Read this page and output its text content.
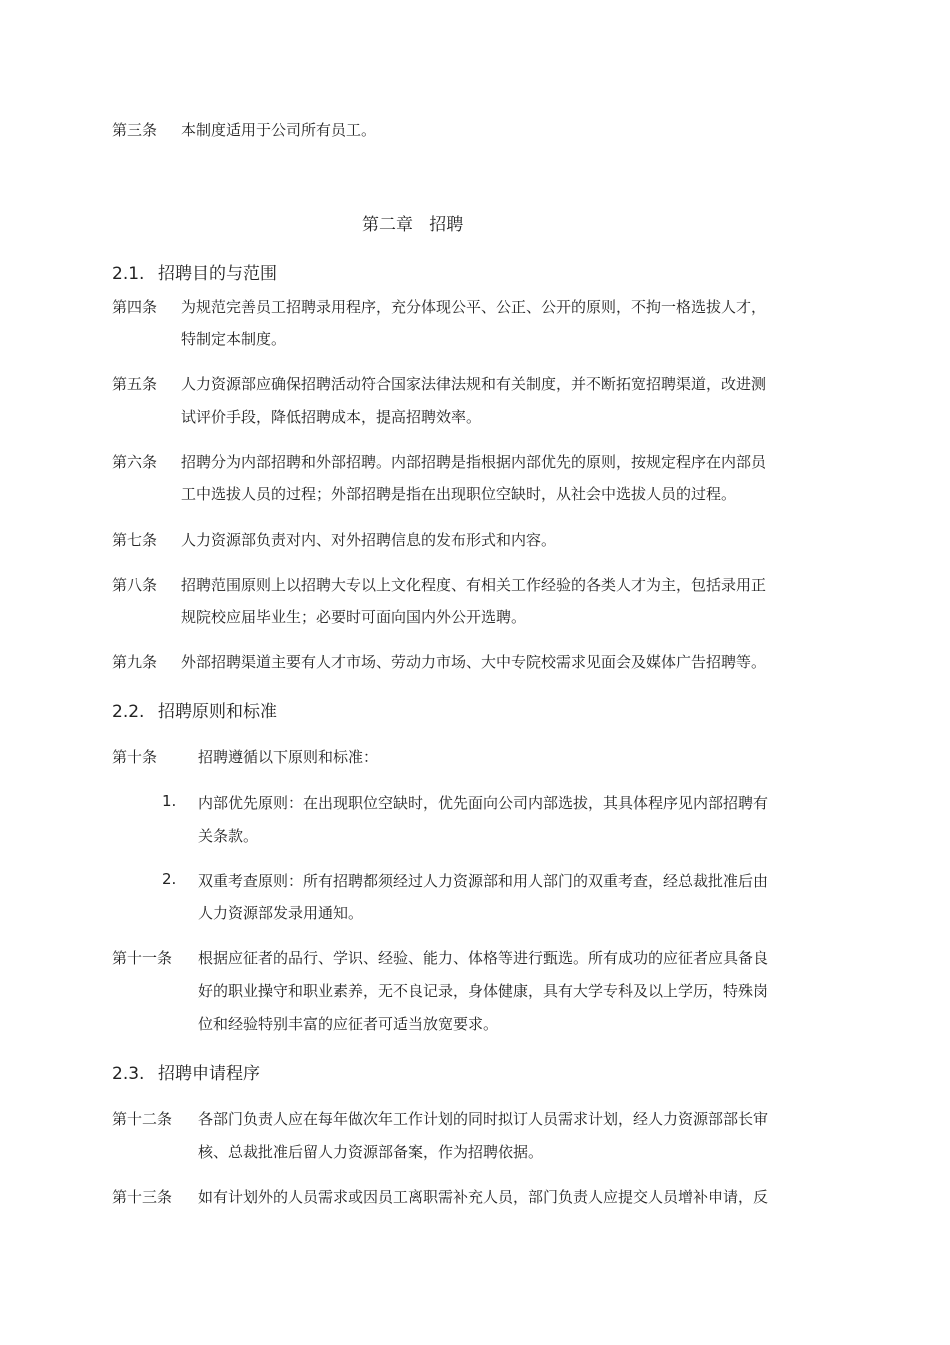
第三条 本制度适用于公司所有员工。
第二章   招聘
2.1. 招聘目的与范围
第四条 为规范完善员工招聘录用程序，充分体现公平、公正、公开的原则，不拘一格选拔人才，
特制定本制度。
第五条 人力资源部应确保招聘活动符合国家法律法规和有关制度，并不断拓宽招聘渠道，改进测
试评价手段，降低招聘成本，提高招聘效率。
第六条 招聘分为内部招聘和外部招聘。内部招聘是指根据内部优先的原则，按规定程序在内部员
工中选拔人员的过程；外部招聘是指在出现职位空缺时，从社会中选拔人员的过程。
第七条 人力资源部负责对内、对外招聘信息的发布形式和内容。
第八条 招聘范围原则上以招聘大专以上文化程度、有相关工作经验的各类人才为主，包括录用正
规院校应届毕业生；必要时可面向国内外公开选聘。
第九条 外部招聘渠道主要有人才市场、劳动力市场、大中专院校需求见面会及媒体广告招聘等。
2.2. 招聘原则和标准
第十条	招聘遵循以下原则和标准：
1. 内部优先原则：在出现职位空缺时，优先面向公司内部选拔，其具体程序见内部招聘有
关条款。
2. 双重考查原则：所有招聘都须经过人力资源部和用人部门的双重考查，经总裁批准后由
人力资源部发录用通知。
第十一条 根据应征者的品行、学识、经验、能力、体格等进行甄选。所有成功的应征者应具备良
好的职业操守和职业素养，无不良记录，身体健康，具有大学专科及以上学历，特殊岗
位和经验特别丰富的应征者可适当放宽要求。
2.3. 招聘申请程序
第十二条 各部门负责人应在每年做次年工作计划的同时拟订人员需求计划，经人力资源部部长审
核、总裁批准后留人力资源部备案，作为招聘依据。
第十三条 如有计划外的人员需求或因员工离职需补充人员，部门负责人应提交人员增补申请，反
